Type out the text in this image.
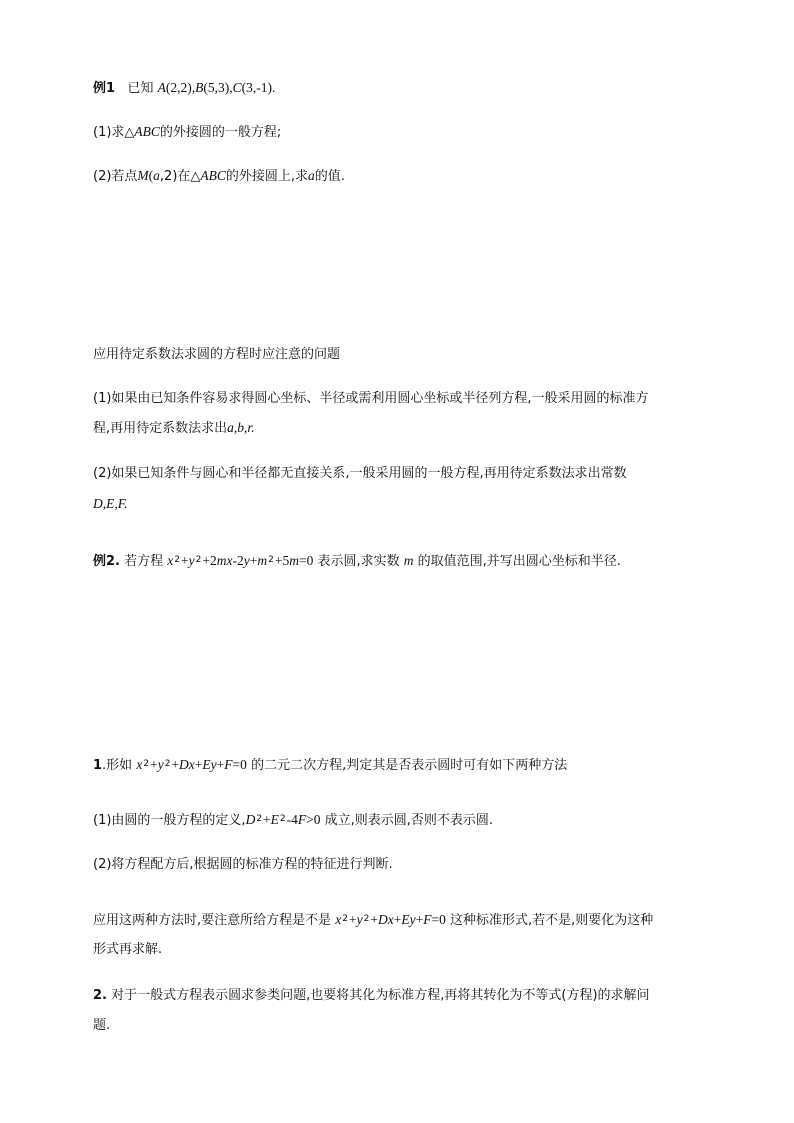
例1 已知 A(2,2),B(5,3),C(3,-1).
(1)求△ABC的外接圆的一般方程;
(2)若点M(a,2)在△ABC的外接圆上,求a的值.
应用待定系数法求圆的方程时应注意的问题
(1)如果由已知条件容易求得圆心坐标、半径或需利用圆心坐标或半径列方程,一般采用圆的标准方
程,再用待定系数法求出a,b,r.
(2)如果已知条件与圆心和半径都无直接关系,一般采用圆的一般方程,再用待定系数法求出常数
D,E,F.
例2. 若方程 $x^2+y^2+2mx-2y+m^2+5m=0$ 表示圆,求实数 m 的取值范围,并写出圆心坐标和半径.
1.形如 $x^2+y^2+Dx+Ey+F=0$ 的二元二次方程,判定其是否表示圆时可有如下两种方法
(1)由圆的一般方程的定义$,D^2+E^2-4F>0$ 成立,则表示圆,否则不表示圆.
(2)将方程配方后,根据圆的标准方程的特征进行判断.
应用这两种方法时,要注意所给方程是不是 $x^2+y^2+Dx+Ey+F=0$ 这种标准形式,若不是,则要化为这种
形式再求解.
2. 对于一般式方程表示圆求参类问题,也要将其化为标准方程,再将其转化为不等式(方程)的求解问
题.
